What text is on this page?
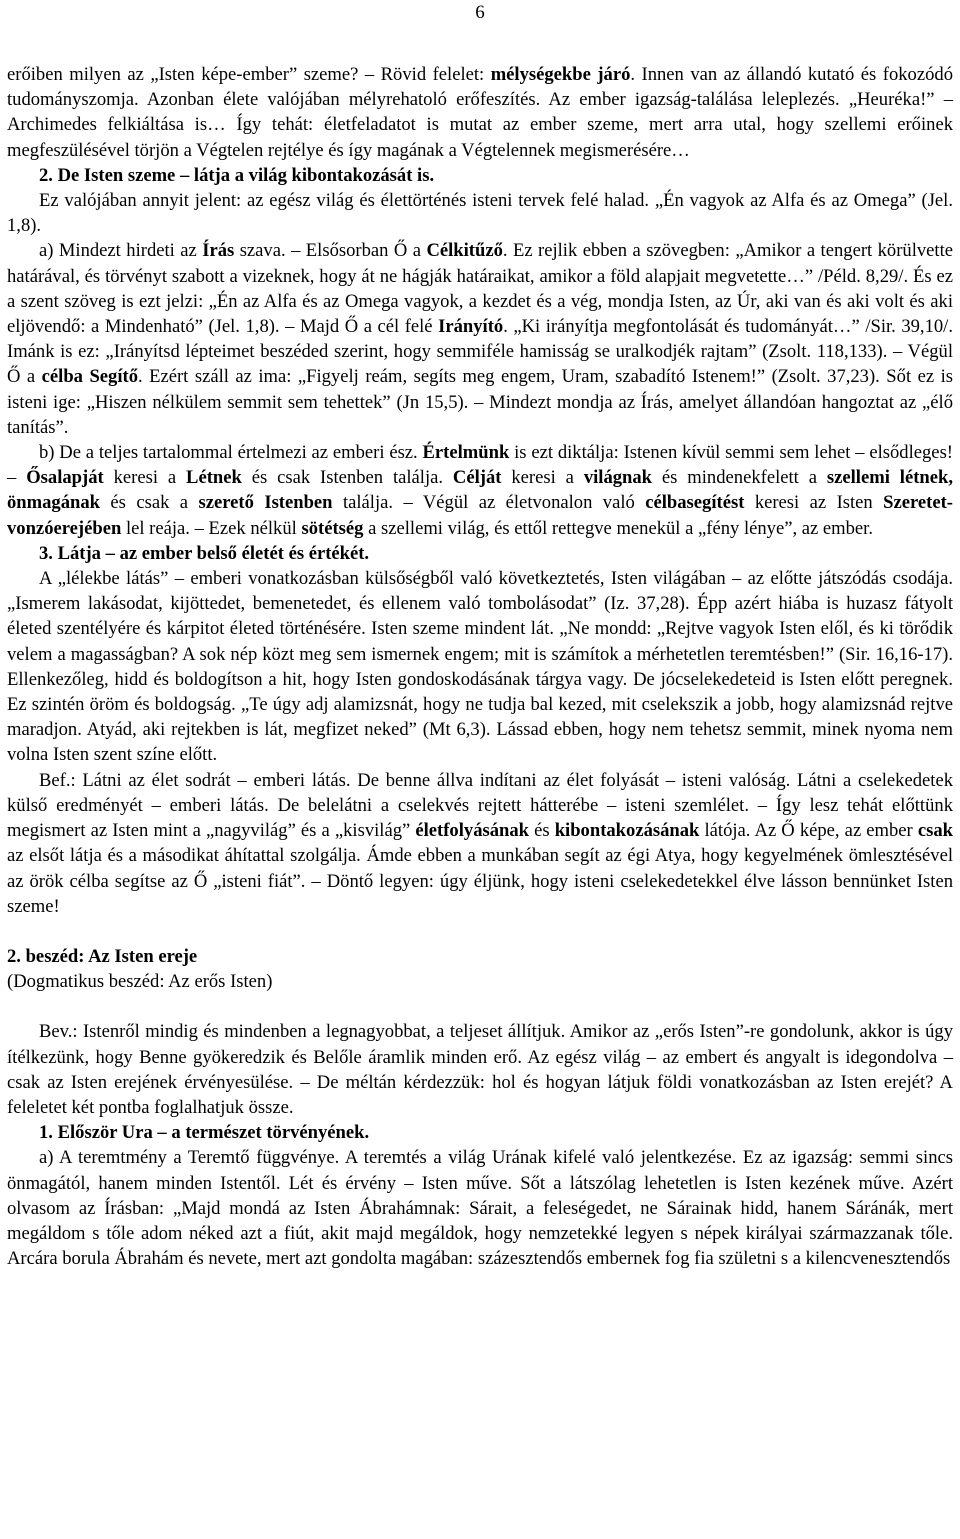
6

erőiben milyen az „Isten képe-ember” szeme? – Rövid felelet: mélységekbe járó. Innen van az állandó kutató és fokozódó tudományszomja. Azonban élete valójában mélyrehatoló erőfeszítés. Az ember igazság-találása leleplezés. „Heuréka!” – Archimedes felkiáltása is… Így tehát: életfeladatot is mutat az ember szeme, mert arra utal, hogy szellemi erőinek megfeszülésével törjön a Végtelen rejtélye és így magának a Végtelennek megismerésére…

2. De Isten szeme – látja a világ kibontakozását is.

Ez valójában annyit jelent: az egész világ és élettörténés isteni tervek felé halad. „Én vagyok az Alfa és az Omega” (Jel. 1,8).

a) Mindezt hirdeti az Írás szava. – Elsősorban Ő a Célkitűző. Ez rejlik ebben a szövegben: „Amikor a tengert körülvette határával, és törvényt szabott a vizeknek, hogy át ne hágják határaikat, amikor a föld alapjait megvetette…” /Péld. 8,29/. És ez a szent szöveg is ezt jelzi: „Én az Alfa és az Omega vagyok, a kezdet és a vég, mondja Isten, az Úr, aki van és aki volt és aki eljövendő: a Mindenható” (Jel. 1,8). – Majd Ő a cél felé Irányító. „Ki irányítja megfontolását és tudományát…” /Sir. 39,10/. Imánk is ez: „Irányítsd lépteimet beszéded szerint, hogy semmiféle hamisság se uralkodjék rajtam” (Zsolt. 118,133). – Végül Ő a célba Segítő. Ezért száll az ima: „Figyelj reám, segíts meg engem, Uram, szabadító Istenem!” (Zsolt. 37,23). Sőt ez is isteni ige: „Hiszen nélkülem semmit sem tehettek” (Jn 15,5). – Mindezt mondja az Írás, amelyet állandóan hangoztat az „élő tanítás”.

b) De a teljes tartalommal értelmezi az emberi ész. Értelmünk is ezt diktálja: Istenen kívül semmi sem lehet – elsődleges! – Ősalapját keresi a Létnek és csak Istenben találja. Célját keresi a világnak és mindenekfelett a szellemi létnek, önmagának és csak a szerető Istenben találja. – Végül az életvonalon való célbasegítést keresi az Isten Szeretet-vonzóerejében lel reája. – Ezek nélkül sötétség a szellemi világ, és ettől rettegve menekül a „fény lénye”, az ember.

3. Látja – az ember belső életét és értékét.

A „lélekbe látás” – emberi vonatkozásban külsőségből való következtetés, Isten világában – az előtte játszódás csodája. „Ismerem lakásodat, kijöttedet, bemenetedet, és ellenem való tombolásodat” (Iz. 37,28). Épp azért hiába is huzasz fátyolt életed szentélyére és kárpitot életed történésére. Isten szeme mindent lát. „Ne mondd: „Rejtve vagyok Isten elől, és ki törődik velem a magasságban? A sok nép közt meg sem ismernek engem; mit is számítok a mérhetetlen teremtésben!” (Sir. 16,16-17). Ellenkezőleg, hidd és boldogítson a hit, hogy Isten gondoskodásának tárgya vagy. De jócselekedeteid is Isten előtt peregnek. Ez szintén öröm és boldogság. „Te úgy adj alamizsnát, hogy ne tudja bal kezed, mit cselekszik a jobb, hogy alamizsnád rejtve maradjon. Atyád, aki rejtekben is lát, megfizet neked” (Mt 6,3). Lássad ebben, hogy nem tehetsz semmit, minek nyoma nem volna Isten szent színe előtt.

Bef.: Látni az élet sodrát – emberi látás. De benne állva indítani az élet folyását – isteni valóság. Látni a cselekedetek külső eredményét – emberi látás. De belelátni a cselekvés rejtett hátterébe – isteni szemlélet. – Így lesz tehát előttünk megismert az Isten mint a „nagyvilág” és a „kisvilág” életfolyásának és kibontakozásának látója. Az Ő képe, az ember csak az elsőt látja és a másodikat áhítattal szolgálja. Ámde ebben a munkában segít az égi Atya, hogy kegyelmének ömlesztésével az örök célba segítse az Ő „isteni fiát”. – Döntő legyen: úgy éljünk, hogy isteni cselekedetekkel élve lásson bennünket Isten szeme!

2. beszéd: Az Isten ereje

(Dogmatikus beszéd: Az erős Isten)

Bev.: Istenről mindig és mindenben a legnagyobbat, a teljeset állítjuk. Amikor az „erős Isten”-re gondolunk, akkor is úgy ítélkezünk, hogy Benne gyökeredzik és Belőle áramlik minden erő. Az egész világ – az embert és angyalt is idegondolva – csak az Isten erejének érvényesülése. – De méltán kérdezzük: hol és hogyan látjuk földi vonatkozásban az Isten erejét? A feleletet két pontba foglalhatjuk össze.

1. Először Ura – a természet törvényének.

a) A teremtmény a Teremtő függvénye. A teremtés a világ Urának kifelé való jelentkezése. Ez az igazság: semmi sincs önmagától, hanem minden Istentől. Lét és érvény – Isten műve. Sőt a látszólag lehetetlen is Isten kezének műve. Azért olvasom az Írásban: „Majd mondá az Isten Ábrahámnak: Sárait, a feleségedet, ne Sárainak hidd, hanem Sáránák, mert megáldom s tőle adom néked azt a fiút, akit majd megáldok, hogy nemzetekké legyen s népek királyai származzanak tőle. Arcára borula Ábrahám és nevete, mert azt gondolta magában: százesztendős embernek fog fia születni s a kilencvenesztendős
